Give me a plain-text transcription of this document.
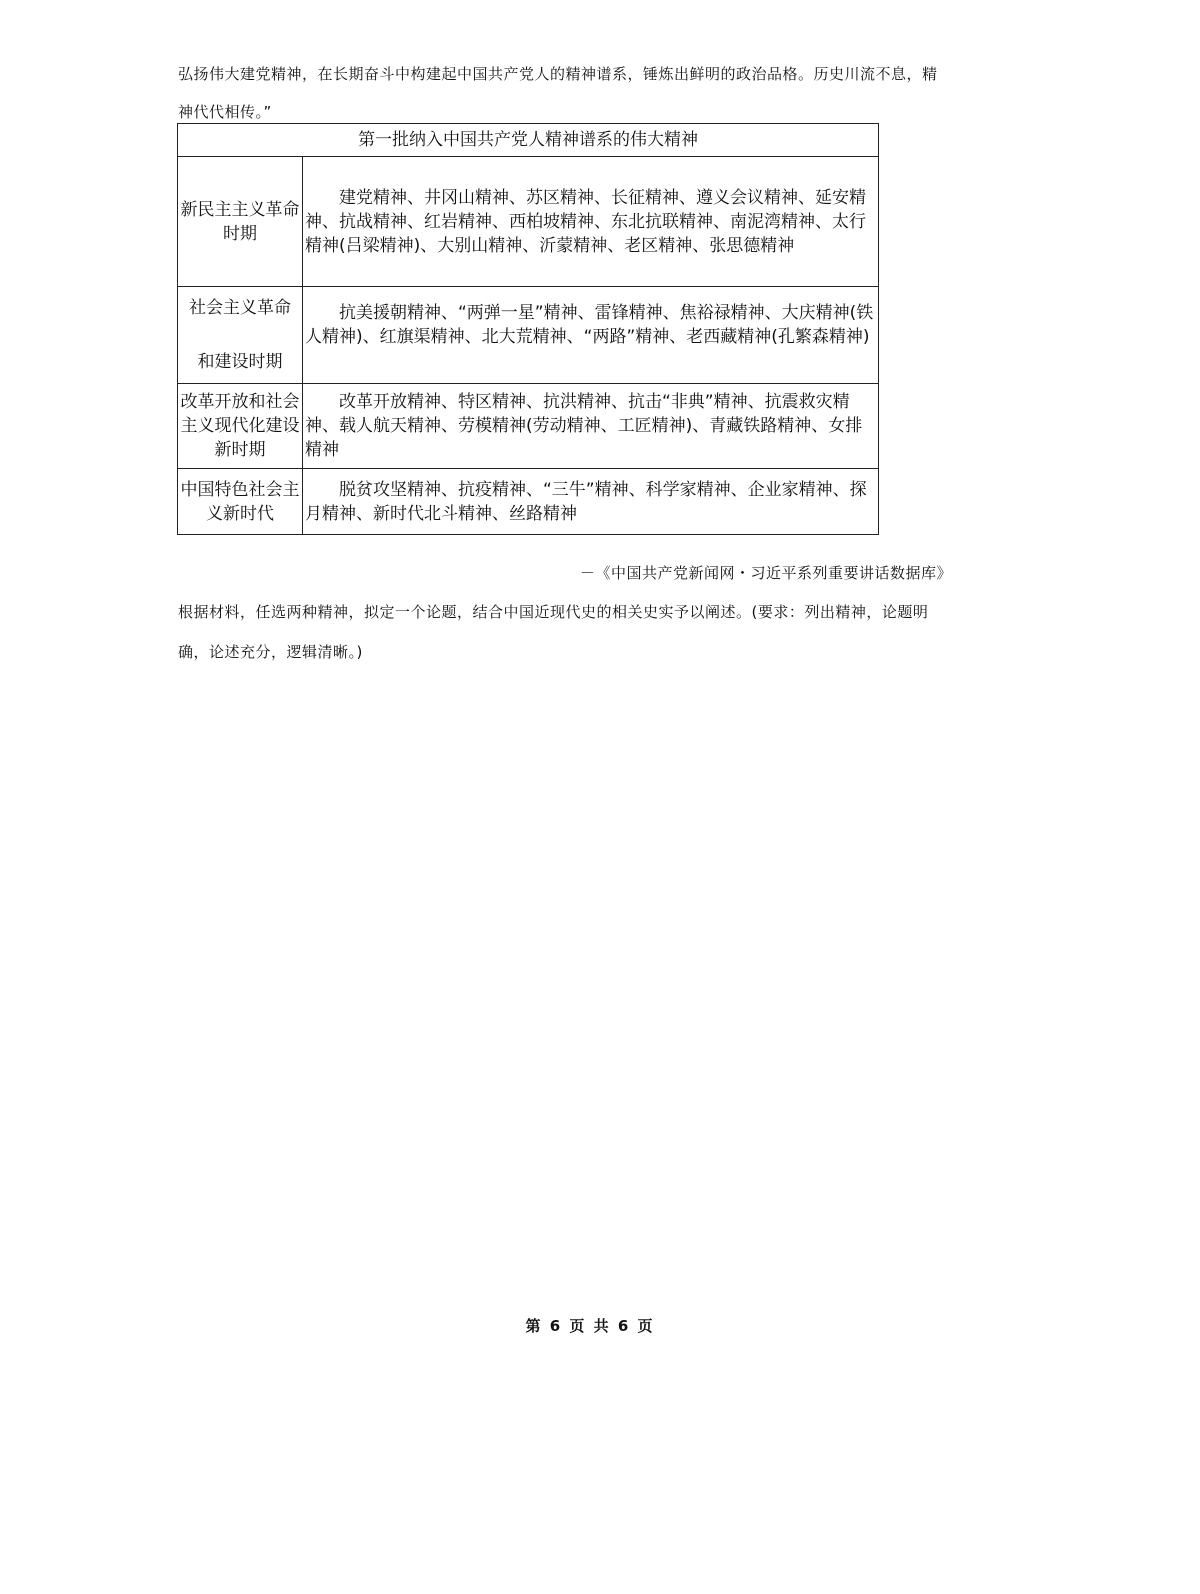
弘扬伟大建党精神，在长期奋斗中构建起中国共产党人的精神谱系，锤炼出鲜明的政治品格。历史川流不息，精
神代代相传。”
第一批纳入中国共产党人精神谱系的伟大精神	
新民主主义革命时期	建党精神、井冈山精神、苏区精神、长征精神、遵义会议精神、延安精神、抗战精神、红岩精神、西柏坡精神、东北抗联精神、南泥湾精神、太行精神(吕梁精神)、大别山精神、沂蒙精神、老区精神、张思德精神

社会主义革命
和建设时期	抗美援朝精神、“两弹一星”精神、雷锋精神、焦裕禄精神、大庆精神(铁人精神)、红旗渠精神、北大荒精神、“两路”精神、老西藏精神(孔繁森精神)
改革开放和社会主义现代化建设新时期	改革开放精神、特区精神、抗洪精神、抗击“非典”精神、抗震救灾精神、载人航天精神、劳模精神(劳动精神、工匠精神)、青藏铁路精神、女排精神
中国特色社会主义新时代	脱贫攻坚精神、抗疫精神、“三牛”精神、科学家精神、企业家精神、探月精神、新时代北斗精神、丝路精神
－《中国共产党新闻网・习近平系列重要讲话数据库》
根据材料，任选两种精神，拟定一个论题，结合中国近现代史的相关史实予以阐述。(要求：列出精神，论题明
确，论述充分，逻辑清晰。)
第 6 页 共 6 页
